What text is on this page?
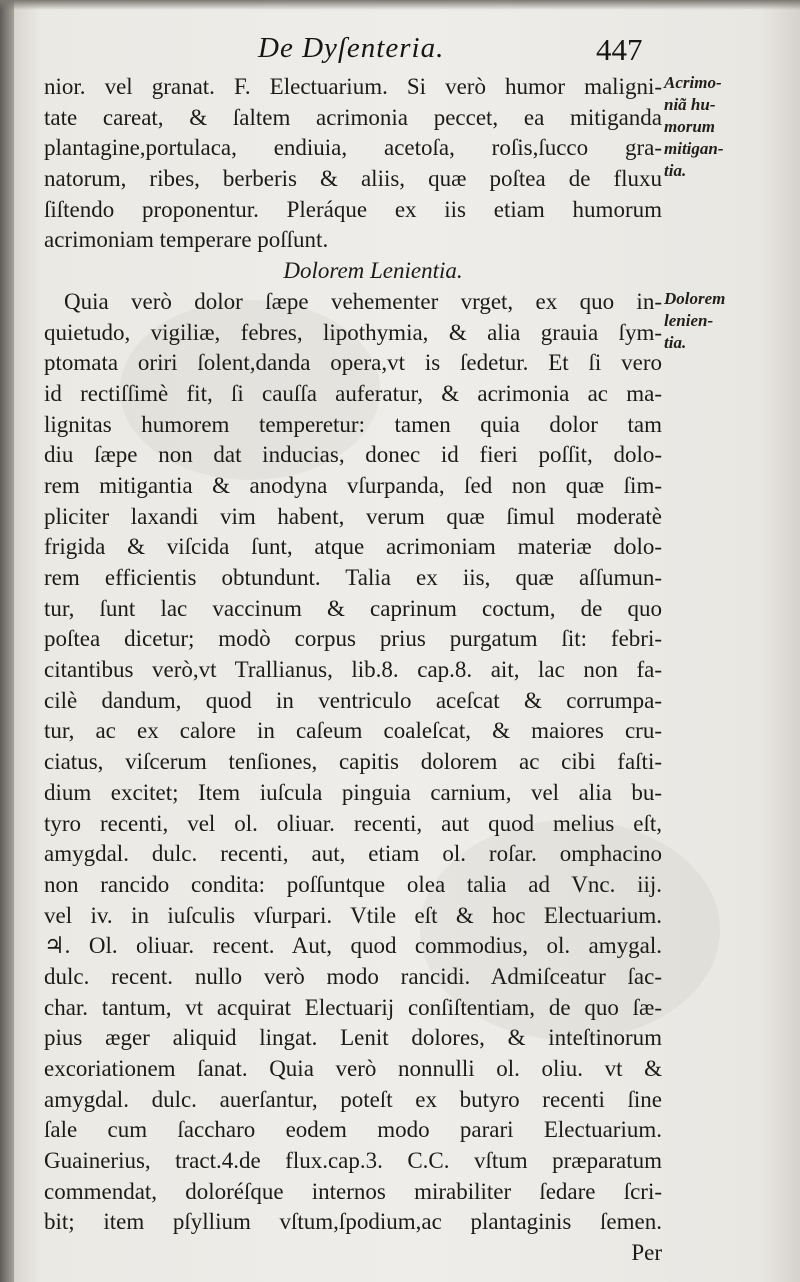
De Dyſenteria.	447
nior. vel granat. F. Electuarium. Si verò humor maligni-
tate careat, & ſaltem acrimonia peccet, ea mitiganda
plantagine,portulaca, endiuia, acetoſa, roſis,ſucco gra-
natorum, ribes, berberis & aliis, quæ poſtea de fluxu
ſiſtendo proponentur. Pleráque ex iis etiam humorum
acrimoniam temperare poſſunt.
Dolorem Lenientia.
Quia verò dolor ſæpe vehementer vrget, ex quo in-
quietudo, vigiliæ, febres, lipothymia, & alia grauia ſym-
ptomata oriri ſolent,danda opera,vt is ſedetur. Et ſi vero
id rectiſſimè fit, ſi cauſſa auferatur, & acrimonia ac ma-
lignitas humorem temperetur: tamen quia dolor tam
diu ſæpe non dat inducias, donec id fieri poſſit, dolo-
rem mitigantia & anodyna vſurpanda, ſed non quæ ſim-
pliciter laxandi vim habent, verum quæ ſimul moderatè
frigida & viſcida ſunt, atque acrimoniam materiæ dolo-
rem efficientis obtundunt. Talia ex iis, quæ aſſumun-
tur, ſunt lac vaccinum & caprinum coctum, de quo
poſtea dicetur; modò corpus prius purgatum ſit: febri-
citantibus verò,vt Trallianus, lib.8. cap.8. ait, lac non fa-
cilè dandum, quod in ventriculo aceſcat & corrumpa-
tur, ac ex calore in caſeum coaleſcat, & maiores cru-
ciatus, viſcerum tenſiones, capitis dolorem ac cibi faſti-
dium excitet; Item iuſcula pinguia carnium, vel alia bu-
tyro recenti, vel ol. oliuar. recenti, aut quod melius eſt,
amygdal. dulc. recenti, aut, etiam ol. roſar. omphacino
non rancido condita: poſſuntque olea talia ad Vnc. iij.
vel iv. in iuſculis vſurpari. Vtile eſt & hoc Electuarium.
♃. Ol. oliuar. recent. Aut, quod commodius, ol. amygal.
dulc. recent. nullo verò modo rancidi. Admiſceatur ſac-
char. tantum, vt acquirat Electuarij conſiſtentiam, de quo ſæ-
pius æger aliquid lingat. Lenit dolores, & inteſtinorum
excoriationem ſanat. Quia verò nonnulli ol. oliu. vt &
amygdal. dulc. auerſantur, poteſt ex butyro recenti ſine
ſale cum ſaccharo eodem modo parari Electuarium.
Guainerius, tract.4.de flux.cap.3. C.C. vſtum præparatum
commendat, doloréſque internos mirabiliter ſedare ſcri-
bit; item pſyllium vſtum,ſpodium,ac plantaginis ſemen.
Per
Acrimo-
niã hu-
morum
mitigan-
tia.
Dolorem
lenien-
tia.
